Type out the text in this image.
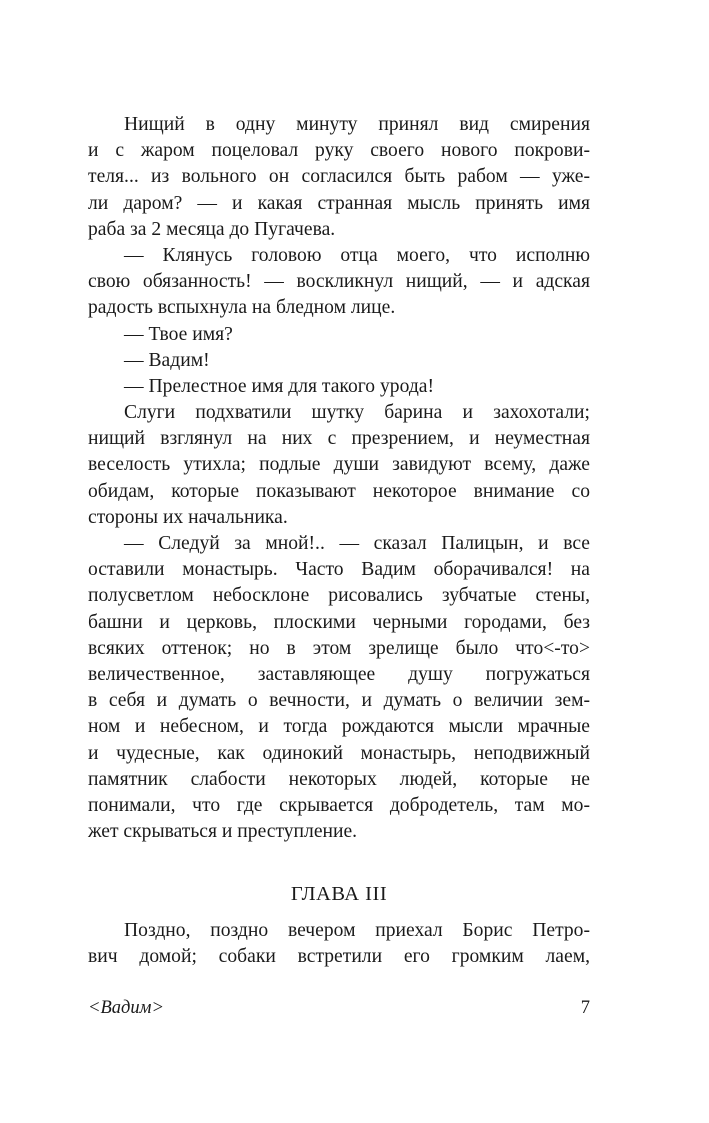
Нищий в одну минуту принял вид смирения
и с жаром поцеловал руку своего нового покрови-
теля... из вольного он согласился быть рабом — уже-
ли даром? — и какая странная мысль принять имя
раба за 2 месяца до Пугачева.
— Клянусь головою отца моего, что исполню
свою обязанность! — воскликнул нищий, — и адская
радость вспыхнула на бледном лице.
— Твое имя?
— Вадим!
— Прелестное имя для такого урода!
Слуги подхватили шутку барина и захохотали;
нищий взглянул на них с презрением, и неуместная
веселость утихла; подлые души завидуют всему, даже
обидам, которые показывают некоторое внимание со
стороны их начальника.
— Следуй за мной!.. — сказал Палицын, и все
оставили монастырь. Часто Вадим оборачивался! на
полусветлом небосклоне рисовались зубчатые стены,
башни и церковь, плоскими черными городами, без
всяких оттенок; но в этом зрелище было что<-то>
величественное, заставляющее душу погружаться
в себя и думать о вечности, и думать о величии зем-
ном и небесном, и тогда рождаются мысли мрачные
и чудесные, как одинокий монастырь, неподвижный
памятник слабости некоторых людей, которые не
понимали, что где скрывается добродетель, там мо-
жет скрываться и преступление.
ГЛАВА III
Поздно, поздно вечером приехал Борис Петро-
вич домой; собаки встретили его громким лаем,
<Вадим>	7
